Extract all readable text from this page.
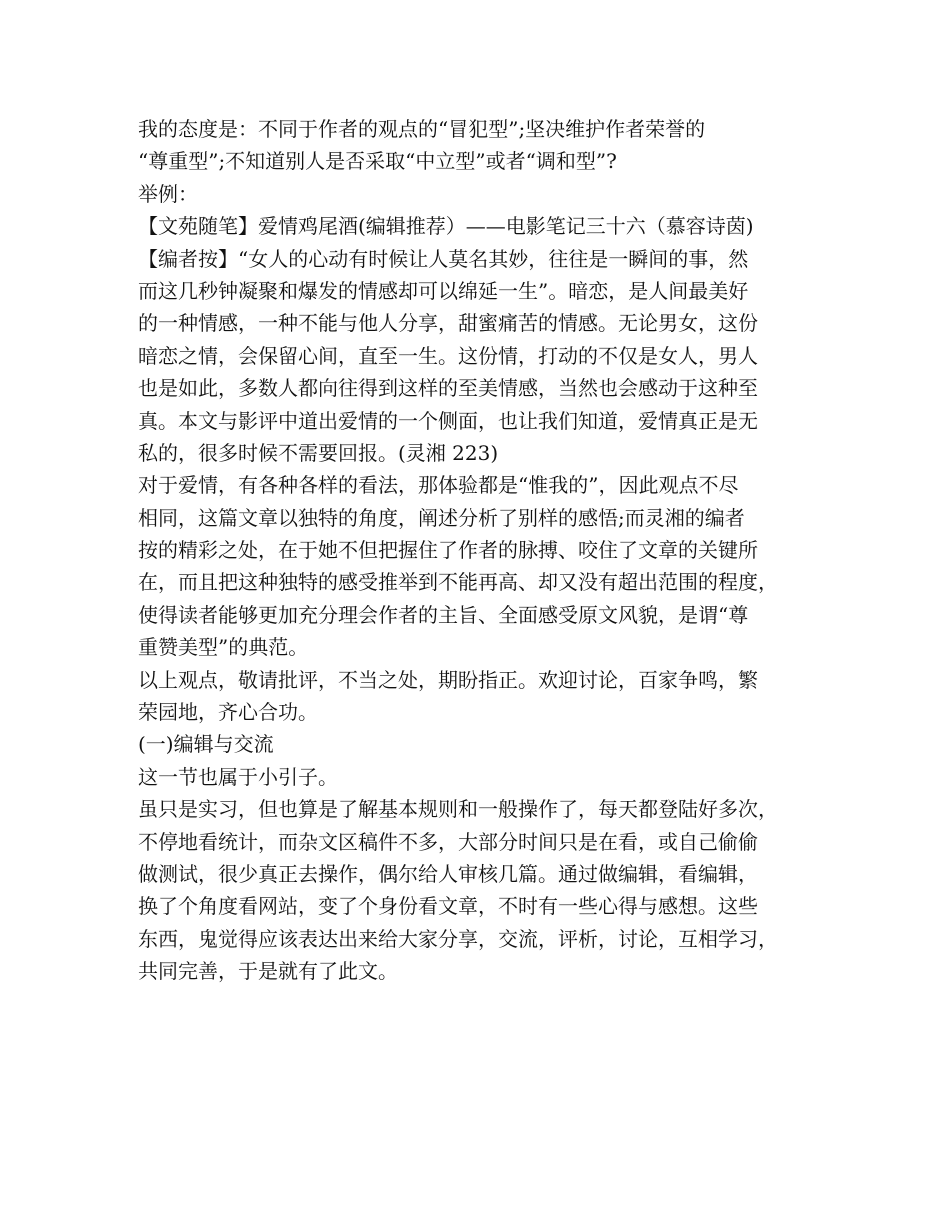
我的态度是：不同于作者的观点的“冒犯型”;坚决维护作者荣誉的
“尊重型”;不知道别人是否采取“中立型”或者“调和型”?
举例：
【文苑随笔】爱情鸡尾酒(编辑推荐）——电影笔记三十六（慕容诗茵)
【编者按】“女人的心动有时候让人莫名其妙，往往是一瞬间的事，然
而这几秒钟凝聚和爆发的情感却可以绵延一生”。暗恋，是人间最美好
的一种情感，一种不能与他人分享，甜蜜痛苦的情感。无论男女，这份
暗恋之情，会保留心间，直至一生。这份情，打动的不仅是女人，男人
也是如此，多数人都向往得到这样的至美情感，当然也会感动于这种至
真。本文与影评中道出爱情的一个侧面，也让我们知道，爱情真正是无
私的，很多时候不需要回报。(灵湘 223)
对于爱情，有各种各样的看法，那体验都是“惟我的”，因此观点不尽
相同，这篇文章以独特的角度，阐述分析了别样的感悟;而灵湘的编者
按的精彩之处，在于她不但把握住了作者的脉搏、咬住了文章的关键所
在，而且把这种独特的感受推举到不能再高、却又没有超出范围的程度，
使得读者能够更加充分理会作者的主旨、全面感受原文风貌，是谓“尊
重赞美型”的典范。
以上观点，敬请批评，不当之处，期盼指正。欢迎讨论，百家争鸣，繁
荣园地，齐心合功。
(一)编辑与交流
这一节也属于小引子。
虽只是实习，但也算是了解基本规则和一般操作了，每天都登陆好多次，
不停地看统计，而杂文区稿件不多，大部分时间只是在看，或自己偷偷
做测试，很少真正去操作，偶尔给人审核几篇。通过做编辑，看编辑，
换了个角度看网站，变了个身份看文章，不时有一些心得与感想。这些
东西，鬼觉得应该表达出来给大家分享，交流，评析，讨论，互相学习，
共同完善，于是就有了此文。
